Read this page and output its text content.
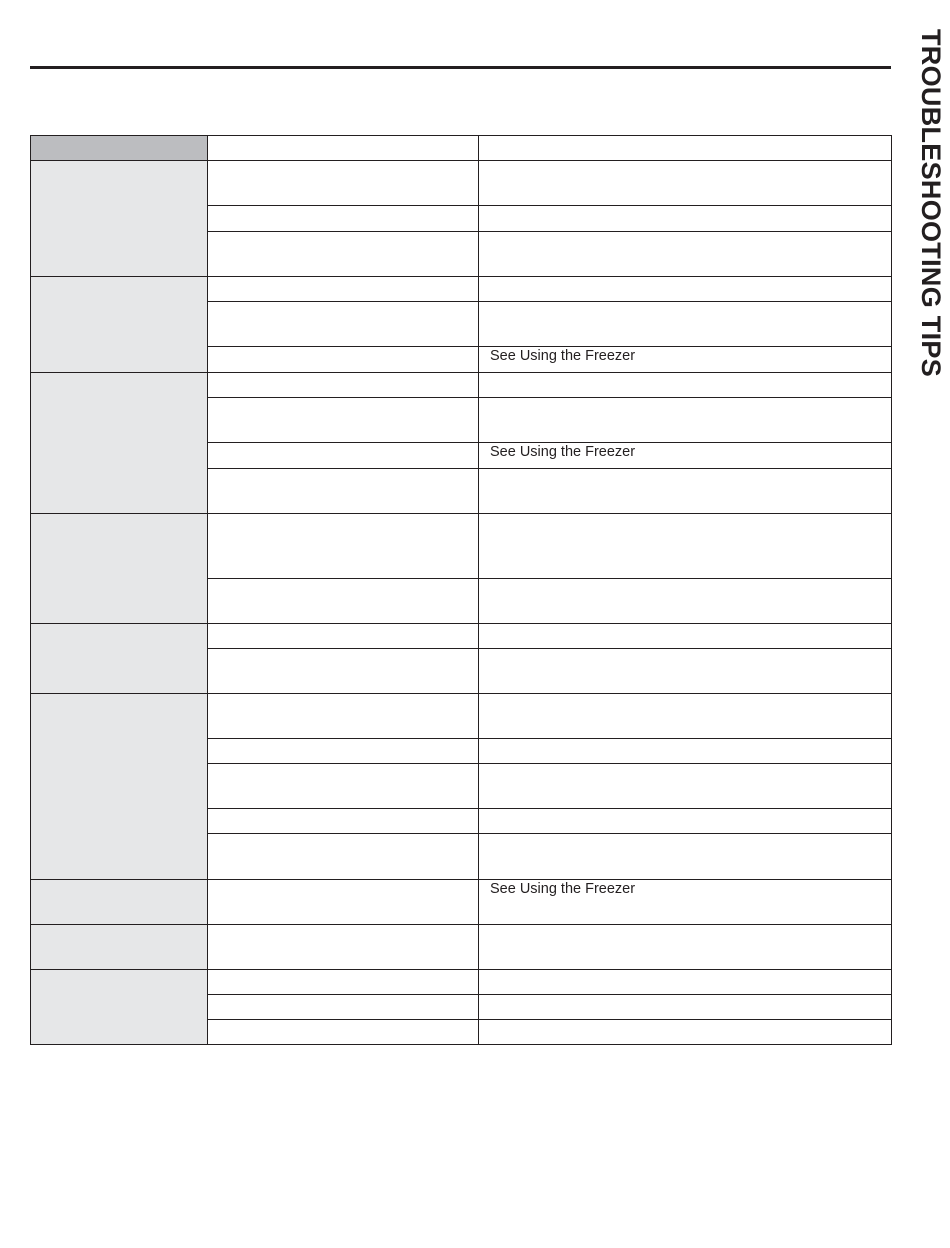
TROUBLESHOOTING TIPS

		See Using the Freezer

		See Using the Freezer

		See Using the Freezer
